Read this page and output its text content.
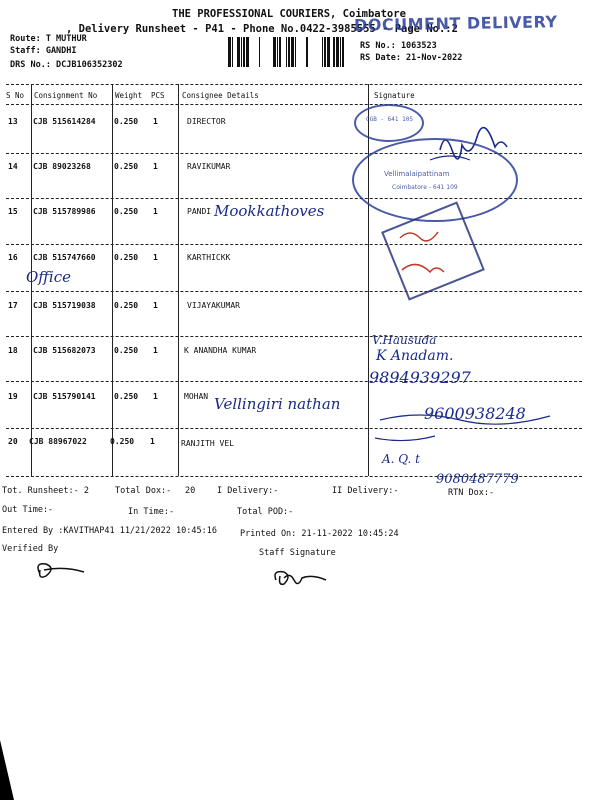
THE PROFESSIONAL COURIERS, Coimbatore
, Delivery Runsheet - P41 - Phone No.0422-3985555 - Page No.:2
DOCUMENT DELIVERY
Route: T MUTHUR
Staff: GANDHI
DRS No.: DCJB106352302
RS No.: 1063523
RS Date: 21-Nov-2022
S No Consignment No Weight PCS Consignee Details	Signature
13 CJB 515614284 0.250 1	DIRECTOR
14 CJB 89023268	0.250 1	RAVIKUMAR
15 CJB 515789986 0.250 1	PANDI Mookkathoves
16 CJB 515747660 0.250 1	KARTHICKK
Office
17 CJB 515719038 0.250 1	VIJAYAKUMAR
18 CJB 515682073 0.250 1	K ANANDHA KUMAR
V.Hausuda
K Anadam.
9894939297
19 CJB 515790141 0.250 1	MOHAN Vellingiri nathan	9600938248
20 CJB 88967022	0.250 1	RANJITH VEL
A. Q. t
9080487779
CGB - 641 105
Vellimalaipattinam
Coimbatore - 641 109
Tot. Runsheet:- 2	Total Dox:- 20	I Delivery:-	II Delivery:-	RTN Dox:-
Out Time:-	In Time:-	Total POD:-
Entered By :KAVITHAP41 11/21/2022 10:45:16	Printed On: 21-11-2022 10:45:24
Verified By	Staff Signature
